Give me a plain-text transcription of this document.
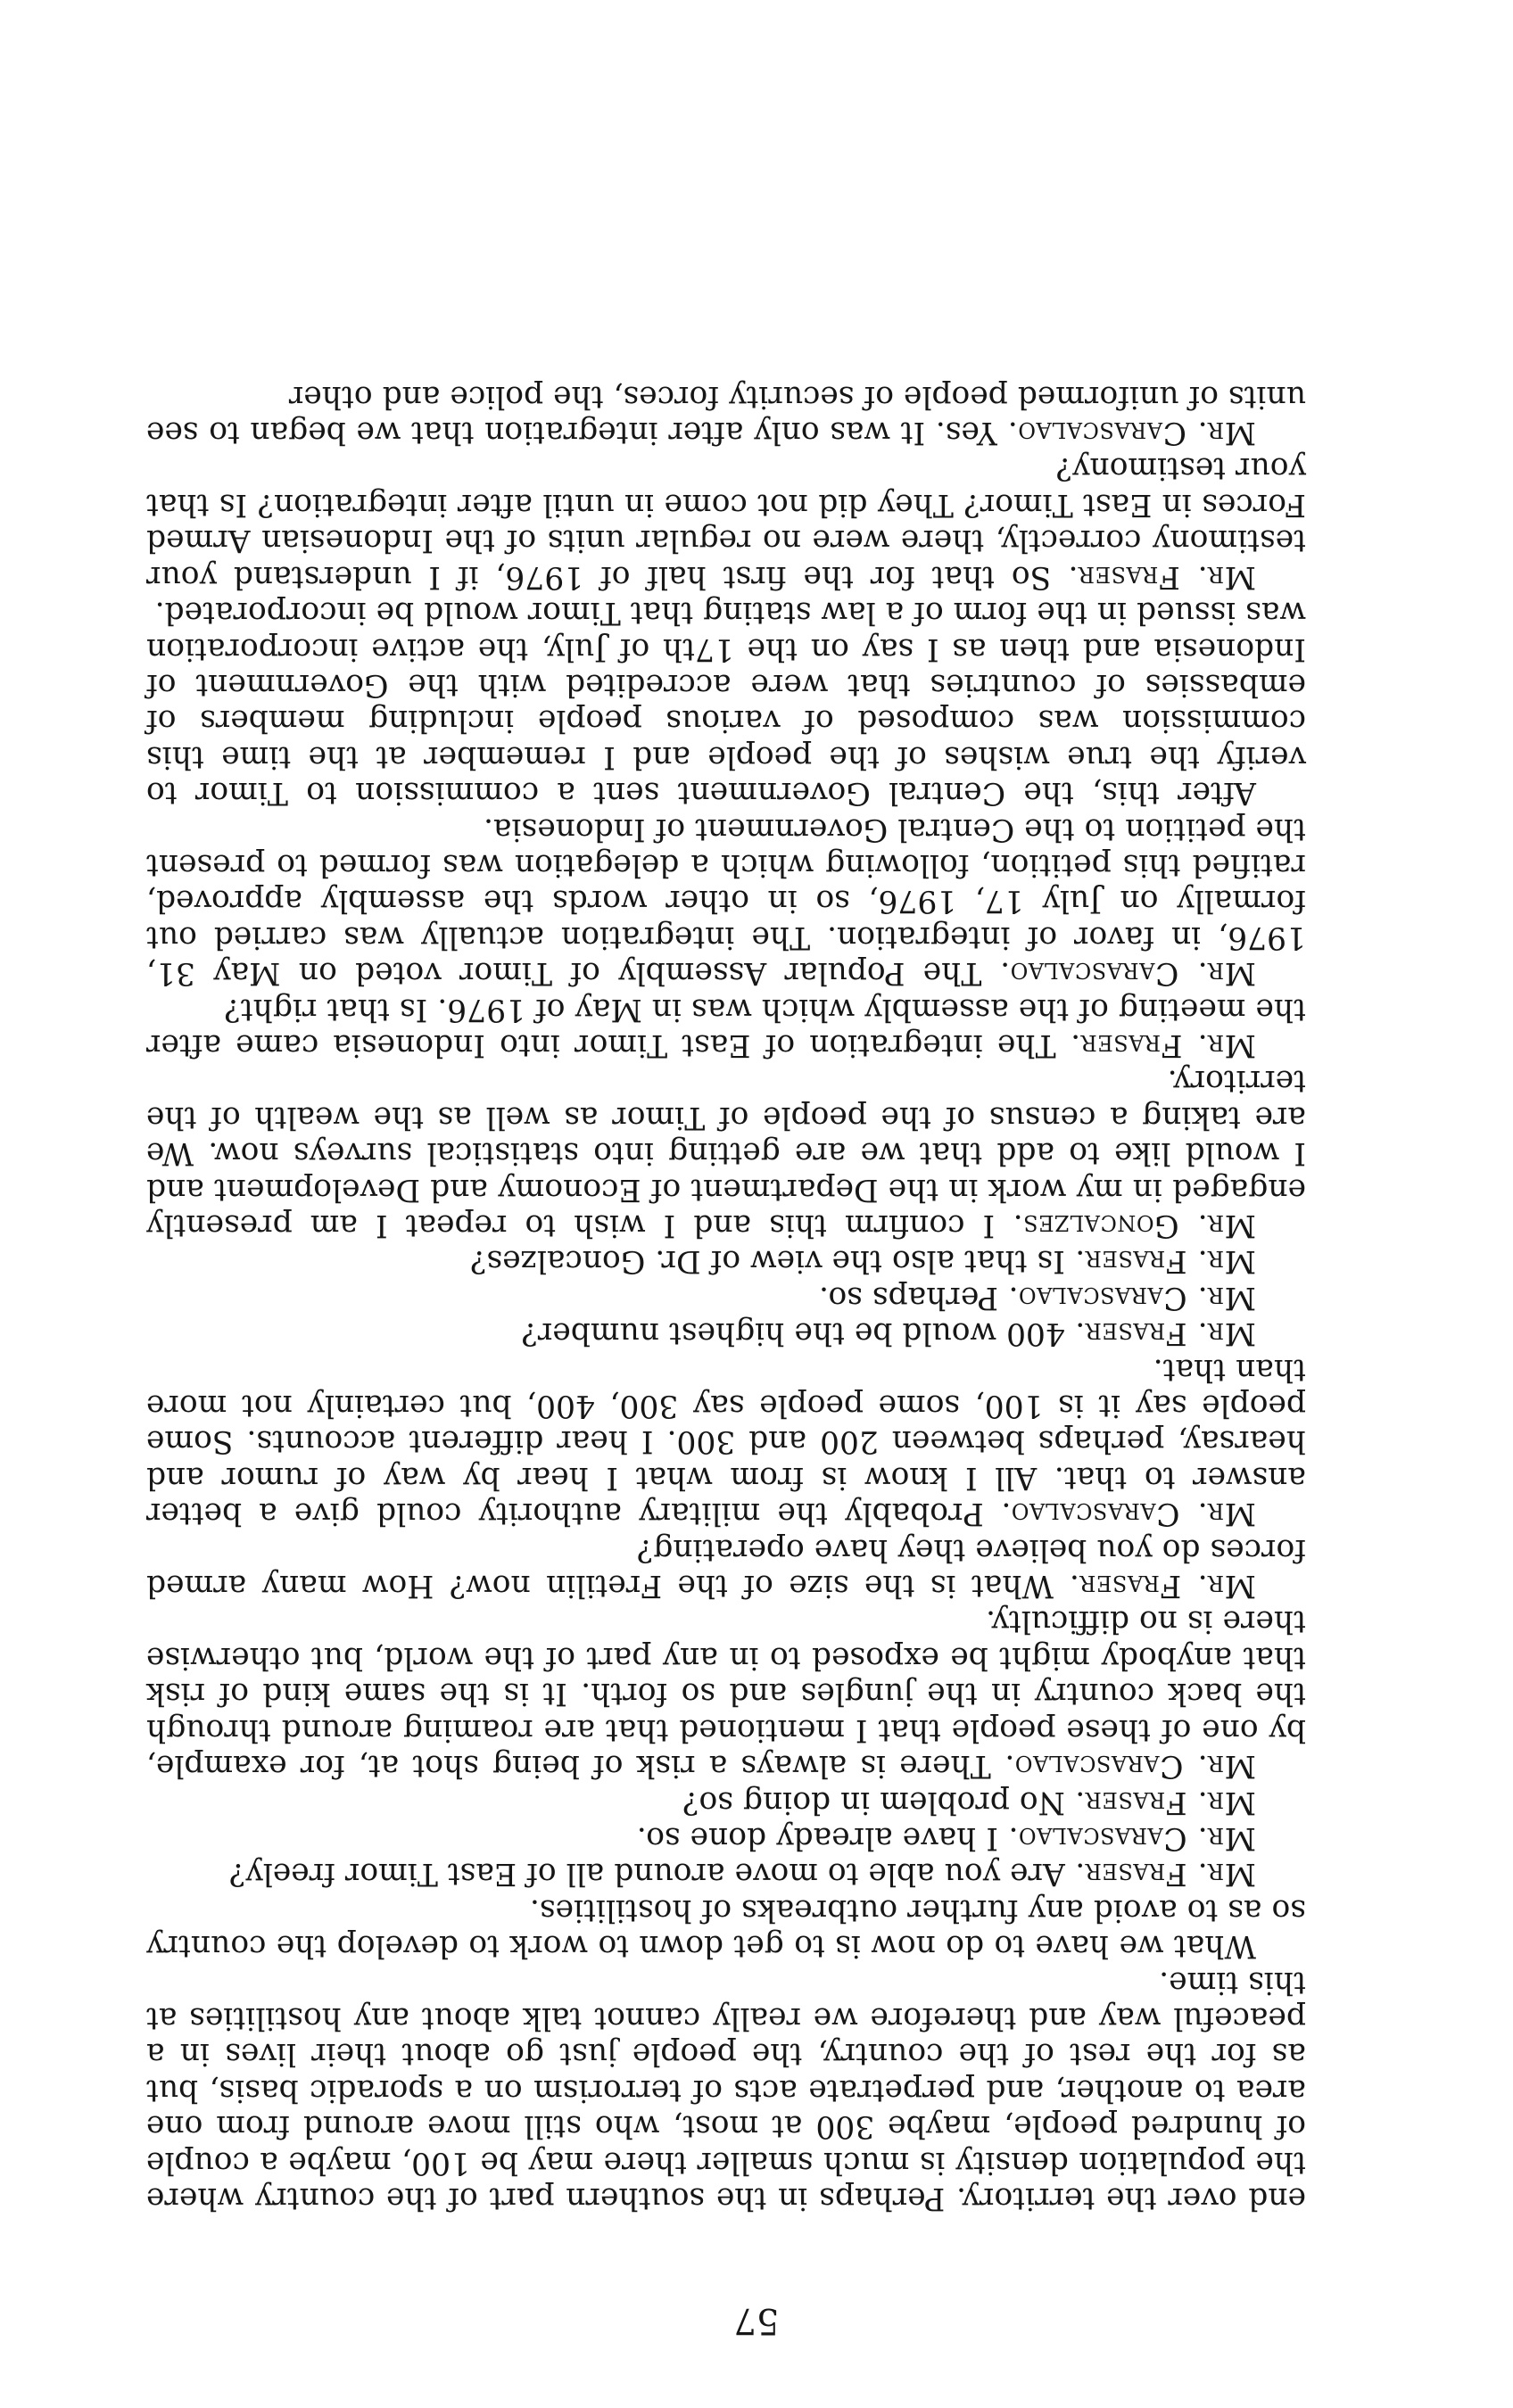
57

end over the territory. Perhaps in the southern part of the country where the population density is much smaller there may be 100, maybe a couple of hundred people, maybe 300 at most, who still move around from one area to another, and perpetrate acts of terrorism on a sporadic basis, but as for the rest of the country, the people just go about their lives in a peaceful way and therefore we really cannot talk about any hostilities at this time.

What we have to do now is to get down to work to develop the country so as to avoid any further outbreaks of hostilities.

Mr. Fraser. Are you able to move around all of East Timor freely?

Mr. Carascalao. I have already done so.

Mr. Fraser. No problem in doing so?

Mr. Carascalao. There is always a risk of being shot at, for example, by one of these people that I mentioned that are roaming around through the back country in the jungles and so forth. It is the same kind of risk that anybody might be exposed to in any part of the world, but otherwise there is no difficulty.

Mr. Fraser. What is the size of the Fretilin now? How many armed forces do you believe they have operating?

Mr. Carascalao. Probably the military authority could give a better answer to that. All I know is from what I hear by way of rumor and hearsay, perhaps between 200 and 300. I hear different accounts. Some people say it is 100, some people say 300, 400, but certainly not more than that.

Mr. Fraser. 400 would be the highest number?

Mr. Carascalao. Perhaps so.

Mr. Fraser. Is that also the view of Dr. Goncalzes?

Mr. Goncalzes. I confirm this and I wish to repeat I am presently engaged in my work in the Department of Economy and Development and I would like to add that we are getting into statistical surveys now. We are taking a census of the people of Timor as well as the wealth of the territory.

Mr. Fraser. The integration of East Timor into Indonesia came after the meeting of the assembly which was in May of 1976. Is that right?

Mr. Carascalao. The Popular Assembly of Timor voted on May 31, 1976, in favor of integration. The integration actually was carried out formally on July 17, 1976, so in other words the assembly approved, ratified this petition, following which a delegation was formed to present the petition to the Central Government of Indonesia.

After this, the Central Government sent a commission to Timor to verify the true wishes of the people and I remember at the time this commission was composed of various people including members of embassies of countries that were accredited with the Government of Indonesia and then as I say on the 17th of July, the active incorporation was issued in the form of a law stating that Timor would be incorporated.

Mr. Fraser. So that for the first half of 1976, if I understand your testimony correctly, there were no regular units of the Indonesian Armed Forces in East Timor? They did not come in until after integration? Is that your testimony?

Mr. Carascalao. Yes. It was only after integration that we began to see units of uniformed people of security forces, the police and other
